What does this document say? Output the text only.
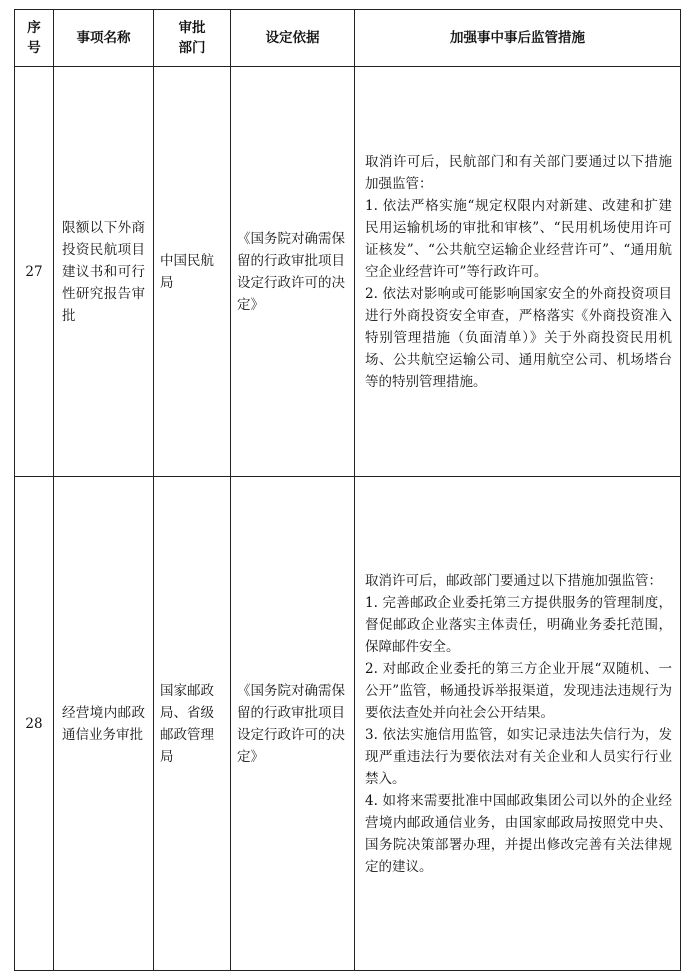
序号	事项名称	审批部门	设定依据	加强事中事后监管措施
27	限额以下外商投资民航项目建议书和可行性研究报告审批	中国民航局	《国务院对确需保留的行政审批项目设定行政许可的决定》	取消许可后，民航部门和有关部门要通过以下措施加强监管：
1. 依法严格实施“规定权限内对新建、改建和扩建民用运输机场的审批和审核”、“民用机场使用许可证核发”、“公共航空运输企业经营许可”、“通用航空企业经营许可”等行政许可。
2. 依法对影响或可能影响国家安全的外商投资项目进行外商投资安全审查，严格落实《外商投资准入特别管理措施（负面清单）》关于外商投资民用机场、公共航空运输公司、通用航空公司、机场塔台等的特别管理措施。

28	经营境内邮政通信业务审批	国家邮政局、省级邮政管理局	《国务院对确需保留的行政审批项目设定行政许可的决定》	取消许可后，邮政部门要通过以下措施加强监管：
1. 完善邮政企业委托第三方提供服务的管理制度，督促邮政企业落实主体责任，明确业务委托范围，保障邮件安全。
2. 对邮政企业委托的第三方企业开展“双随机、一公开”监管，畅通投诉举报渠道，发现违法违规行为要依法查处并向社会公开结果。
3. 依法实施信用监管，如实记录违法失信行为，发现严重违法行为要依法对有关企业和人员实行行业禁入。
4. 如将来需要批准中国邮政集团公司以外的企业经营境内邮政通信业务，由国家邮政局按照党中央、国务院决策部署办理，并提出修改完善有关法律规定的建议。
